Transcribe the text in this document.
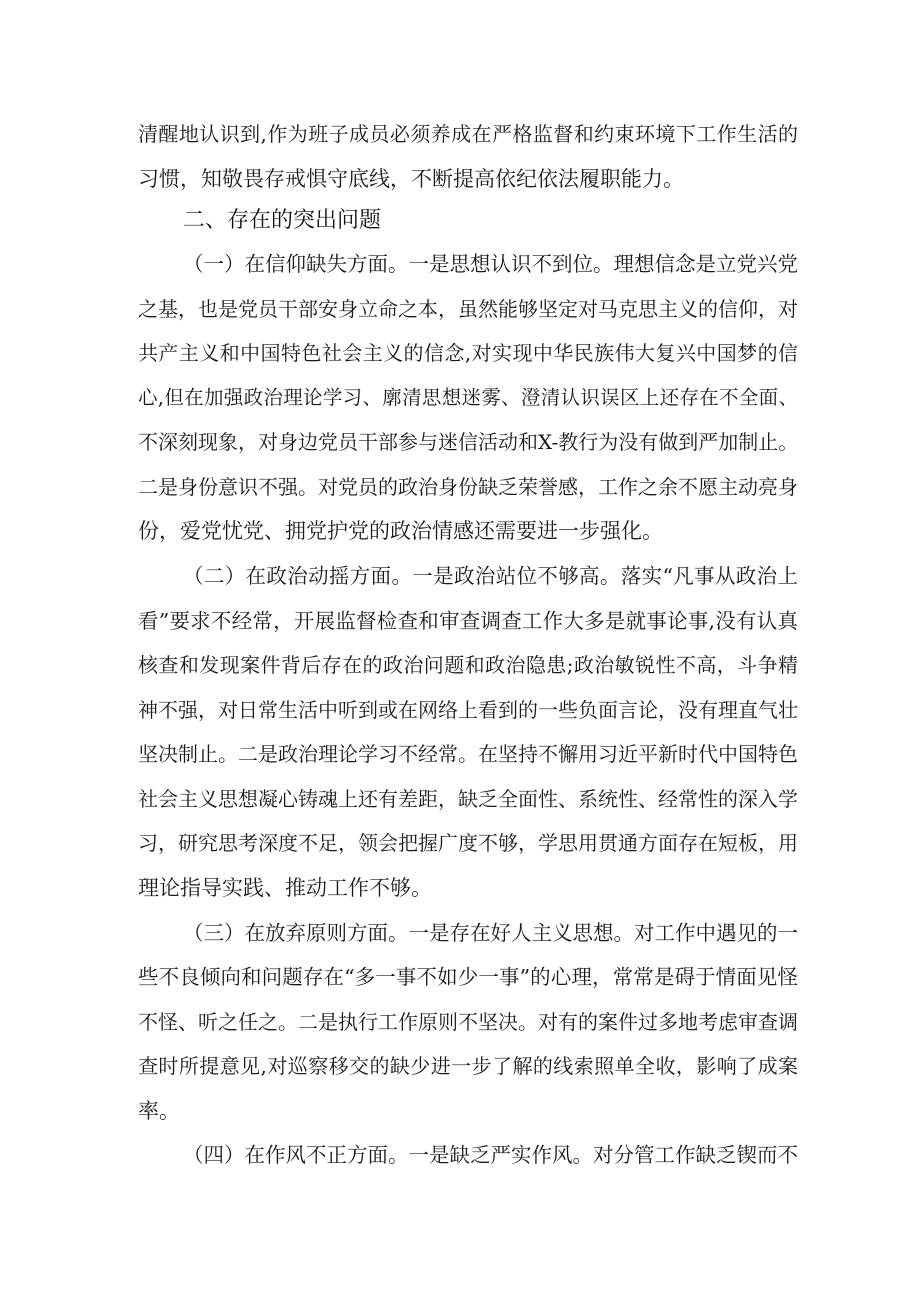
清醒地认识到,作为班子成员必须养成在严格监督和约束环境下工作生活的
习惯，知敬畏存戒惧守底线，不断提高依纪依法履职能力。
二、存在的突出问题
（一）在信仰缺失方面。一是思想认识不到位。理想信念是立党兴党
之基，也是党员干部安身立命之本，虽然能够坚定对马克思主义的信仰，对
共产主义和中国特色社会主义的信念,对实现中华民族伟大复兴中国梦的信
心,但在加强政治理论学习、廓清思想迷雾、澄清认识误区上还存在不全面、
不深刻现象，对身边党员干部参与迷信活动和X-教行为没有做到严加制止。
二是身份意识不强。对党员的政治身份缺乏荣誉感，工作之余不愿主动亮身
份，爱党忧党、拥党护党的政治情感还需要进一步强化。
（二）在政治动摇方面。一是政治站位不够高。落实“凡事从政治上
看”要求不经常，开展监督检查和审查调查工作大多是就事论事,没有认真
核查和发现案件背后存在的政治问题和政治隐患;政治敏锐性不高，斗争精
神不强，对日常生活中听到或在网络上看到的一些负面言论，没有理直气壮
坚决制止。二是政治理论学习不经常。在坚持不懈用习近平新时代中国特色
社会主义思想凝心铸魂上还有差距，缺乏全面性、系统性、经常性的深入学
习，研究思考深度不足，领会把握广度不够，学思用贯通方面存在短板，用
理论指导实践、推动工作不够。
（三）在放弃原则方面。一是存在好人主义思想。对工作中遇见的一
些不良倾向和问题存在“多一事不如少一事”的心理，常常是碍于情面见怪
不怪、听之任之。二是执行工作原则不坚决。对有的案件过多地考虑审查调
查时所提意见,对巡察移交的缺少进一步了解的线索照单全收，影响了成案
率。
（四）在作风不正方面。一是缺乏严实作风。对分管工作缺乏锲而不
